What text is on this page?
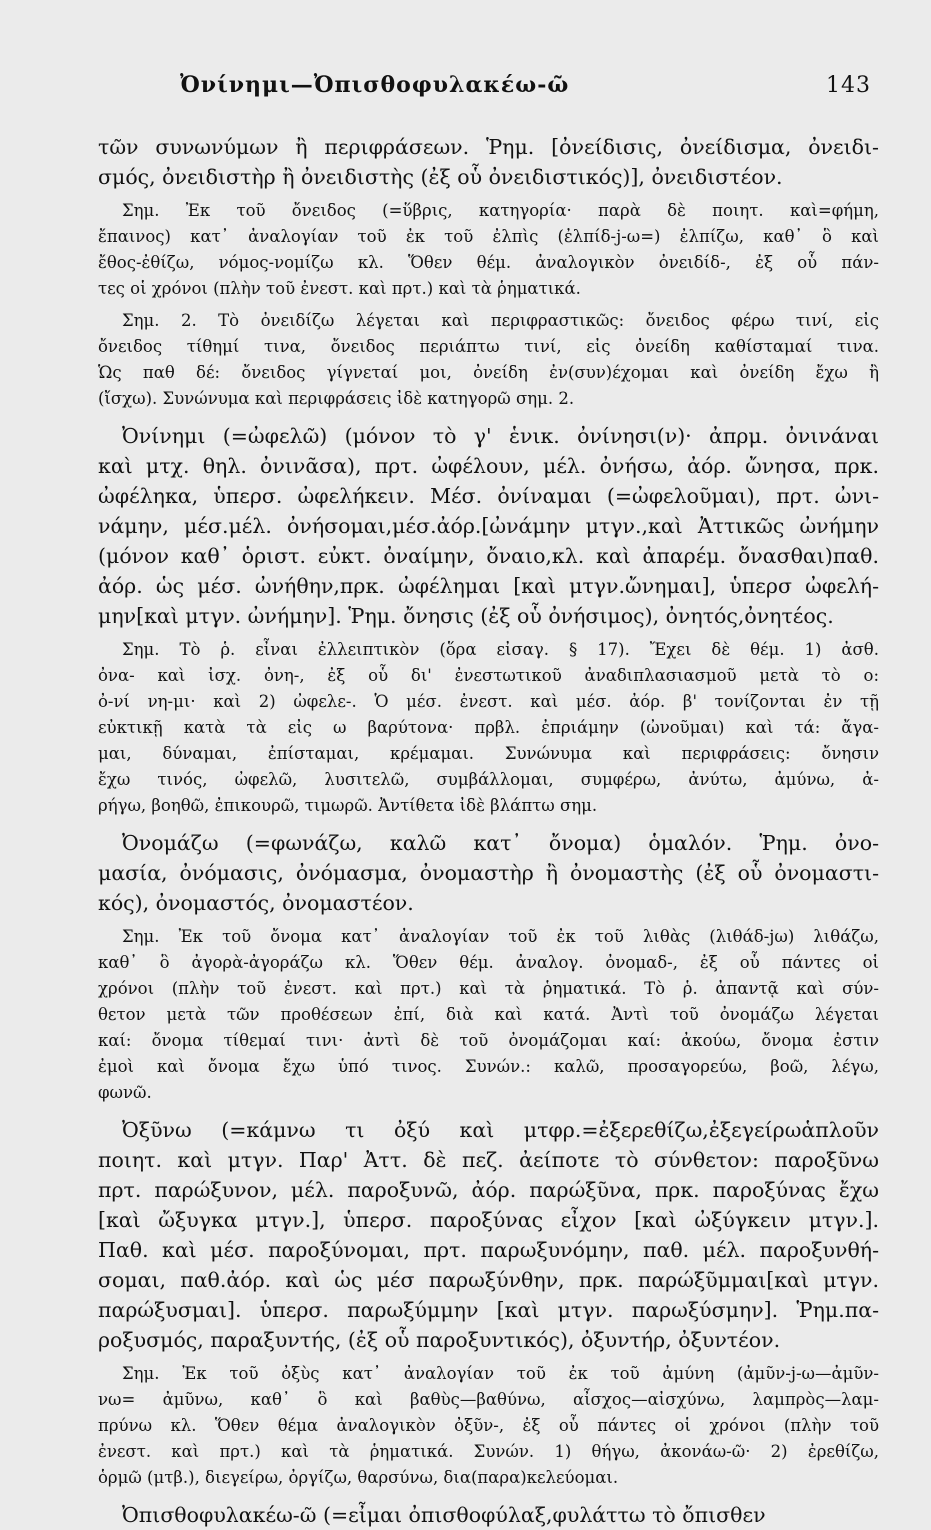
Ὀνίνημι—Ὀπισθοφυλακέω-ῶ	143
τῶν συνωνύμων ἢ περιφράσεων. Ῥημ. [ὀνείδισις, ὀνείδισμα, ὀνειδι-
σμός, ὀνειδιστὴρ ἢ ὀνειδιστὴς (ἐξ οὗ ὀνειδιστικός)], ὀνειδιστέον.
Σημ. Ἐκ τοῦ ὄνειδος (=ὕβρις, κατηγορία· παρὰ δὲ ποιητ. καὶ=φήμη,
ἔπαινος) κατ᾽ ἀναλογίαν τοῦ ἐκ τοῦ ἐλπὶς (ἐλπίδ-j-ω=) ἐλπίζω, καθ᾽ ὃ καὶ
ἔθος-ἐθίζω, νόμος-νομίζω κλ. Ὅθεν θέμ. ἀναλογικὸν ὀνειδίδ-, ἐξ οὗ πάν-
τες οἱ χρόνοι (πλὴν τοῦ ἐνεστ. καὶ πρτ.) καὶ τὰ ῥηματικά.
Σημ. 2. Τὸ ὀνειδίζω λέγεται καὶ περιφραστικῶς: ὄνειδος φέρω τινί, εἰς
ὄνειδος τίθημί τινα, ὄνειδος περιάπτω τινί, εἰς ὀνείδη καθίσταμαί τινα.
Ὡς παθ δέ: ὄνειδος γίγνεταί μοι, ὀνείδη ἐν(συν)έχομαι καὶ ὀνείδη ἔχω ἢ
(ἴσχω). Συνώνυμα καὶ περιφράσεις ἰδὲ κατηγορῶ σημ. 2.
Ὀνίνημι (=ὠφελῶ) (μόνον τὸ γ' ἑνικ. ὀνίνησι(ν)· ἀπρμ. ὀνινάναι
καὶ μτχ. θηλ. ὀνινᾶσα), πρτ. ὠφέλουν, μέλ. ὀνήσω, ἀόρ. ὤνησα, πρκ.
ὠφέληκα, ὑπερσ. ὠφελήκειν. Μέσ. ὀνίναμαι (=ὠφελοῦμαι), πρτ. ὠνι-
νάμην, μέσ.μέλ. ὀνήσομαι,μέσ.ἀόρ.[ὠνάμην μτγν.,καὶ Ἀττικῶς ὠνήμην
(μόνον καθ᾽ ὁριστ. εὐκτ. ὀναίμην, ὄναιο,κλ. καὶ ἀπαρέμ. ὄνασθαι)παθ.
ἀόρ. ὡς μέσ. ὠνήθην,πρκ. ὠφέλημαι [καὶ μτγν.ὤνημαι], ὑπερσ ὠφελή-
μην[καὶ μτγν. ὠνήμην]. Ῥημ. ὄνησις (ἐξ οὗ ὀνήσιμος), ὀνητός,ὀνητέος.
Σημ. Τὸ ῥ. εἶναι ἐλλειπτικὸν (ὅρα εἰσαγ. § 17). Ἔχει δὲ θέμ. 1) ἀσθ.
ὀνα- καὶ ἰσχ. ὀνη-, ἐξ οὗ δι' ἐνεστωτικοῦ ἀναδιπλασιασμοῦ μετὰ τὸ ο:
ὀ-νί νη-μι· καὶ 2) ὠφελε-. Ὁ μέσ. ἐνεστ. καὶ μέσ. ἀόρ. β' τονίζονται ἐν τῇ
εὐκτικῇ κατὰ τὰ εἰς ω βαρύτονα· πρβλ. ἐπριάμην (ὠνοῦμαι) καὶ τά: ἄγα-
μαι, δύναμαι, ἐπίσταμαι, κρέμαμαι. Συνώνυμα καὶ περιφράσεις: ὄνησιν
ἔχω τινός, ὠφελῶ, λυσιτελῶ, συμβάλλομαι, συμφέρω, ἀνύτω, ἀμύνω, ἀ-
ρήγω, βοηθῶ, ἐπικουρῶ, τιμωρῶ. Ἀντίθετα ἰδὲ βλάπτω σημ.
Ὀνομάζω (=φωνάζω, καλῶ κατ᾽ ὄνομα) ὁμαλόν. Ῥημ. ὀνο-
μασία, ὀνόμασις, ὀνόμασμα, ὀνομαστὴρ ἢ ὀνομαστὴς (ἐξ οὗ ὀνομαστι-
κός), ὀνομαστός, ὀνομαστέον.
Σημ. Ἐκ τοῦ ὄνομα κατ᾽ ἀναλογίαν τοῦ ἐκ τοῦ λιθὰς (λιθάδ-jω) λιθάζω,
καθ᾽ ὃ ἀγορὰ-ἀγοράζω κλ. Ὅθεν θέμ. ἀναλογ. ὀνομαδ-, ἐξ οὗ πάντες οἱ
χρόνοι (πλὴν τοῦ ἐνεστ. καὶ πρτ.) καὶ τὰ ῥηματικά. Τὸ ῥ. ἀπαντᾷ καὶ σύν-
θετον μετὰ τῶν προθέσεων ἐπί, διὰ καὶ κατά. Ἀντὶ τοῦ ὀνομάζω λέγεται
καί: ὄνομα τίθεμαί τινι· ἀντὶ δὲ τοῦ ὀνομάζομαι καί: ἀκούω, ὄνομα ἐστιν
ἐμοὶ καὶ ὄνομα ἔχω ὑπό τινος. Συνών.: καλῶ, προσαγορεύω, βοῶ, λέγω,
φωνῶ.
Ὀξῦνω (=κάμνω τι ὀξύ καὶ μτφρ.=ἐξερεθίζω,ἐξεγείρωἁπλοῦν
ποιητ. καὶ μτγν. Παρ' Ἀττ. δὲ πεζ. ἀείποτε τὸ σύνθετον: παροξῦνω
πρτ. παρώξυνον, μέλ. παροξυνῶ, ἀόρ. παρώξῦνα, πρκ. παροξύνας ἔχω
[καὶ ὤξυγκα μτγν.], ὑπερσ. παροξύνας εἶχον [καὶ ὠξύγκειν μτγν.].
Παθ. καὶ μέσ. παροξύνομαι, πρτ. παρωξυνόμην, παθ. μέλ. παροξυνθή-
σομαι, παθ.ἀόρ. καὶ ὡς μέσ παρωξύνθην, πρκ. παρώξῦμμαι[καὶ μτγν.
παρώξυσμαι]. ὑπερσ. παρωξύμμην [καὶ μτγν. παρωξύσμην]. Ῥημ.πα-
ροξυσμός, παραξυντής, (ἐξ οὗ παροξυντικός), ὀξυντήρ, ὀξυντέον.
Σημ. Ἐκ τοῦ ὀξὺς κατ᾽ ἀναλογίαν τοῦ ἐκ τοῦ ἀμύνη (ἀμῦν-j-ω—ἀμῦν-
νω= ἀμῦνω, καθ᾽ ὃ καὶ βαθὺς—βαθύνω, αἶσχος—αἰσχύνω, λαμπρὸς—λαμ-
πρύνω κλ. Ὅθεν θέμα ἀναλογικὸν ὀξῦν-, ἐξ οὗ πάντες οἱ χρόνοι (πλὴν τοῦ
ἐνεστ. καὶ πρτ.) καὶ τὰ ῥηματικά. Συνών. 1) θήγω, ἀκονάω-ῶ· 2) ἐρεθίζω,
ὁρμῶ (μτβ.), διεγείρω, ὀργίζω, θαρσύνω, δια(παρα)κελεύομαι.
Ὀπισθοφυλακέω-ῶ (=εἶμαι ὀπισθοφύλαξ,φυλάττω τὸ ὄπισθεν
